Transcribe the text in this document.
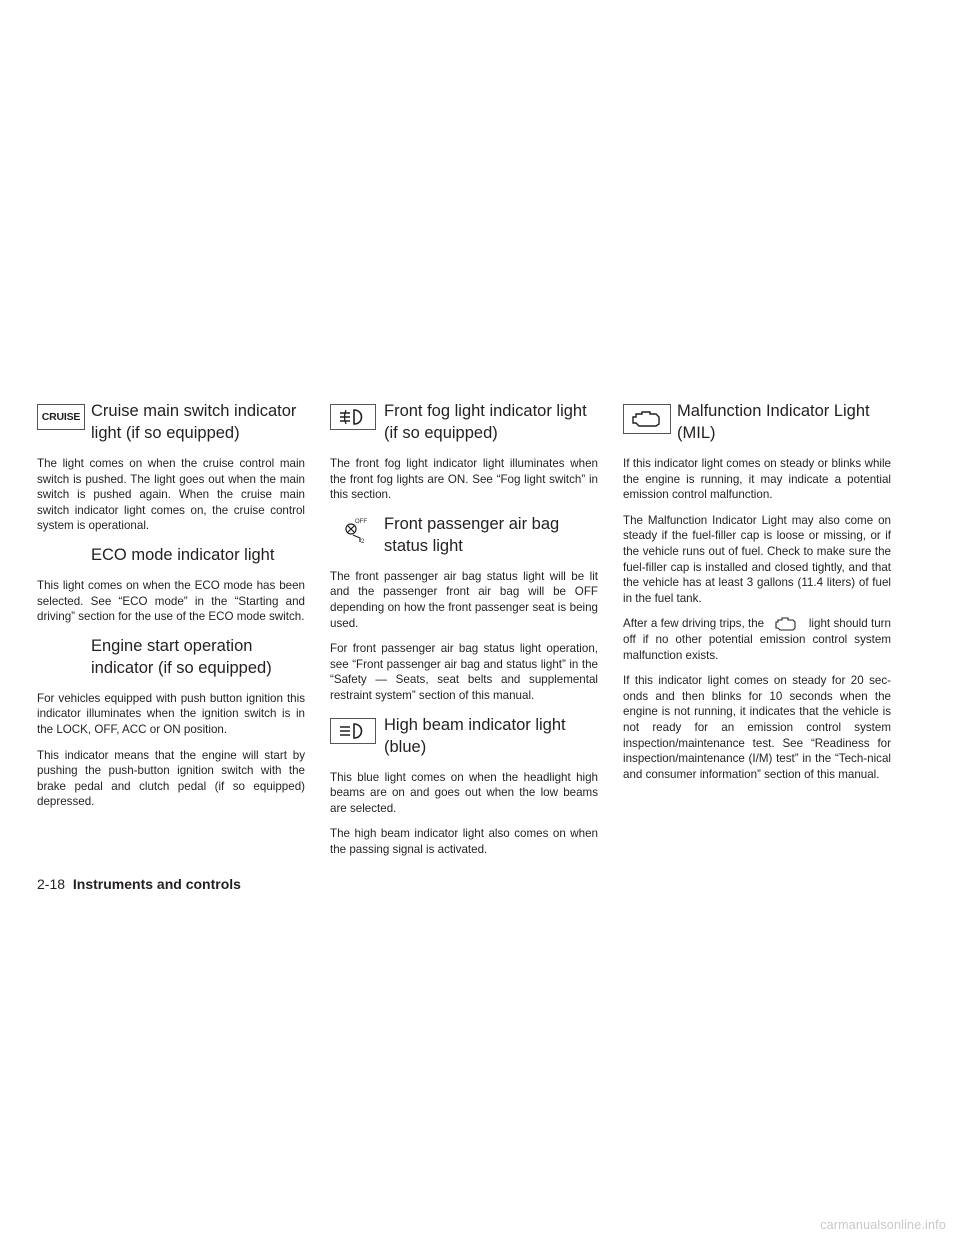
CRUISE Cruise main switch indicator light (if so equipped)

The light comes on when the cruise control main switch is pushed. The light goes out when the main switch is pushed again. When the cruise main switch indicator light comes on, the cruise control system is operational.

ECO mode indicator light

This light comes on when the ECO mode has been selected. See “ECO mode” in the “Starting and driving” section for the use of the ECO mode switch.

Engine start operation indicator (if so equipped)

For vehicles equipped with push button ignition this indicator illuminates when the ignition switch is in the LOCK, OFF, ACC or ON position.

This indicator means that the engine will start by pushing the push-button ignition switch with the brake pedal and clutch pedal (if so equipped) depressed.

Front fog light indicator light (if so equipped)

The front fog light indicator light illuminates when the front fog lights are ON. See “Fog light switch” in this section.

OFF
2
Front passenger air bag status light

The front passenger air bag status light will be lit and the passenger front air bag will be OFF depending on how the front passenger seat is being used.

For front passenger air bag status light operation, see “Front passenger air bag and status light” in the “Safety — Seats, seat belts and supplemental restraint system” section of this manual.

High beam indicator light (blue)

This blue light comes on when the headlight high beams are on and goes out when the low beams are selected.

The high beam indicator light also comes on when the passing signal is activated.

Malfunction Indicator Light (MIL)

If this indicator light comes on steady or blinks while the engine is running, it may indicate a potential emission control malfunction.

The Malfunction Indicator Light may also come on steady if the fuel-filler cap is loose or missing, or if the vehicle runs out of fuel. Check to make sure the fuel-filler cap is installed and closed tightly, and that the vehicle has at least 3 gallons (11.4 liters) of fuel in the fuel tank.

After a few driving trips, the	light should turn off if no other potential emission control system malfunction exists.

If this indicator light comes on steady for 20 sec-onds and then blinks for 10 seconds when the engine is not running, it indicates that the vehicle is not ready for an emission control system inspection/maintenance test. See “Readiness for inspection/maintenance (I/M) test” in the “Tech-nical and consumer information” section of this manual.

2-18 Instruments and controls
carmanualsonline.info
